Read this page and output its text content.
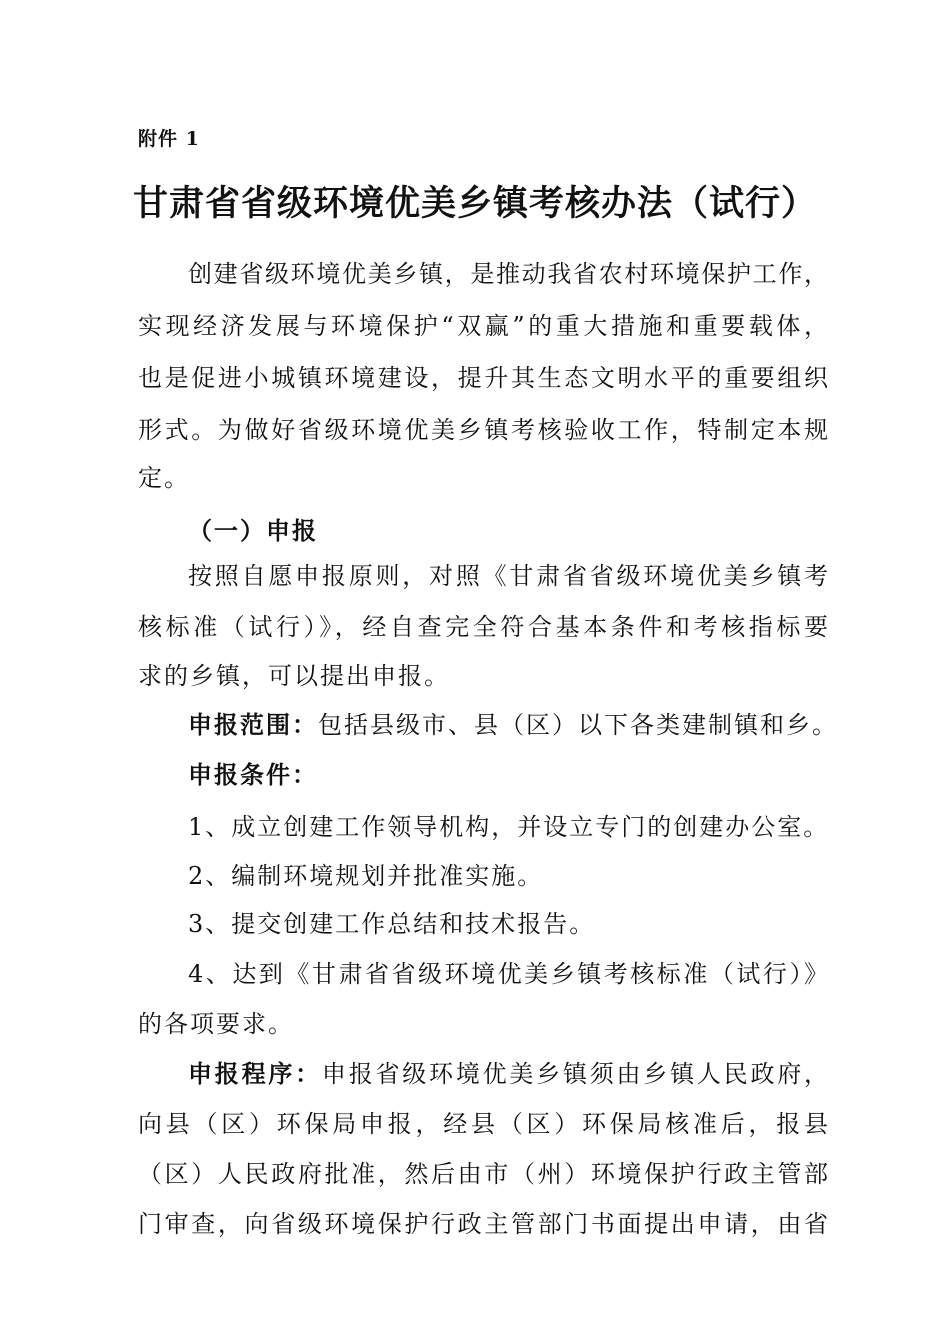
附件 1
甘肃省省级环境优美乡镇考核办法（试行）
创建省级环境优美乡镇，是推动我省农村环境保护工作，
实现经济发展与环境保护“双赢”的重大措施和重要载体，
也是促进小城镇环境建设，提升其生态文明水平的重要组织
形式。为做好省级环境优美乡镇考核验收工作，特制定本规
定。
（一）申报
按照自愿申报原则，对照《甘肃省省级环境优美乡镇考
核标准（试行）》，经自查完全符合基本条件和考核指标要
求的乡镇，可以提出申报。
申报范围：包括县级市、县（区）以下各类建制镇和乡。
申报条件：
1、成立创建工作领导机构，并设立专门的创建办公室。
2、编制环境规划并批准实施。
3、提交创建工作总结和技术报告。
4、达到《甘肃省省级环境优美乡镇考核标准（试行）》
的各项要求。
申报程序：申报省级环境优美乡镇须由乡镇人民政府，
向县（区）环保局申报，经县（区）环保局核准后，报县
（区）人民政府批准，然后由市（州）环境保护行政主管部
门审查，向省级环境保护行政主管部门书面提出申请，由省
